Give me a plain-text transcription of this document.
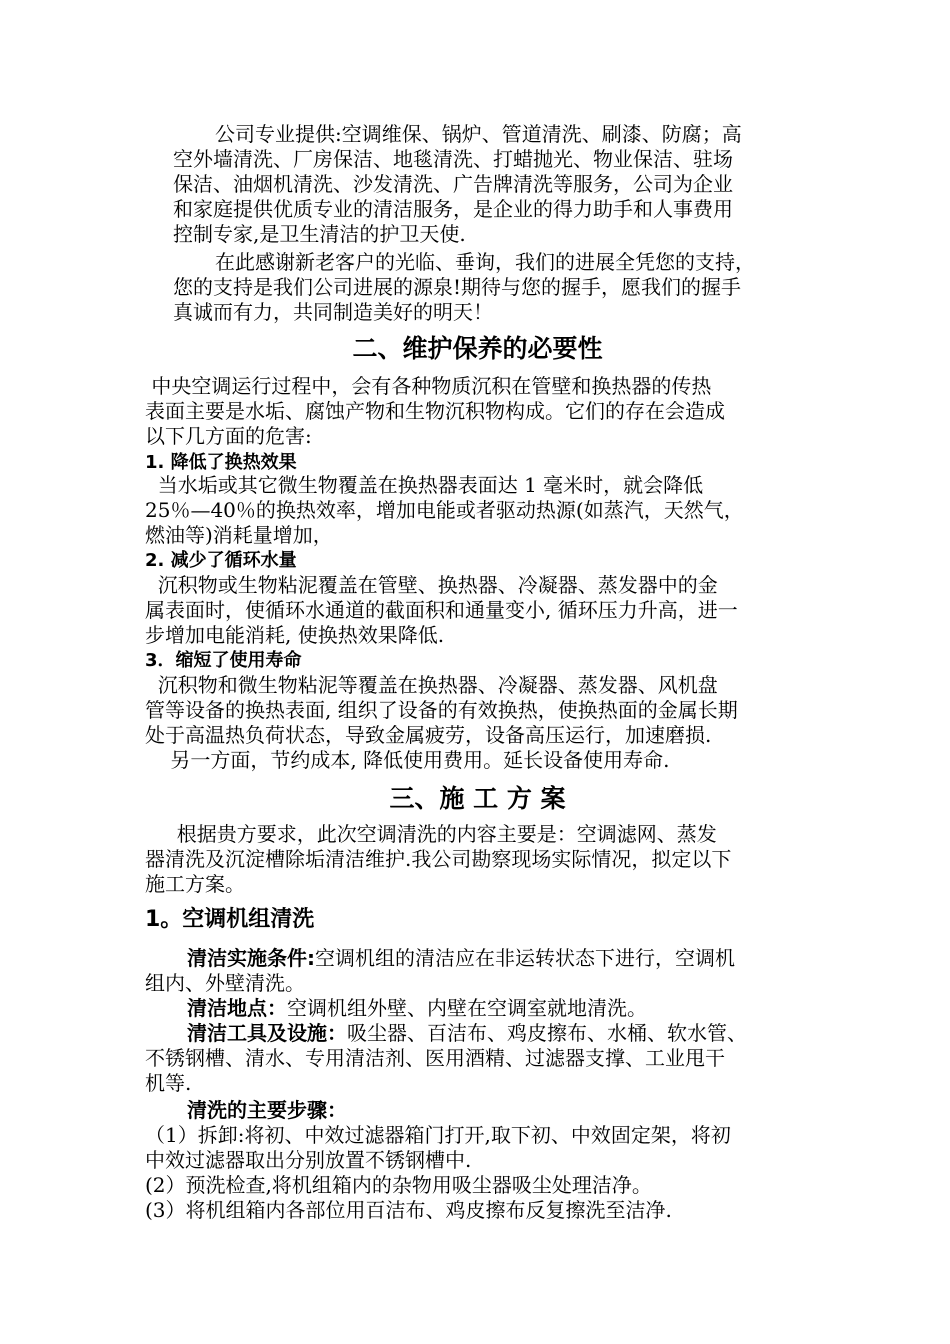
公司专业提供:空调维保、锅炉、管道清洗、刷漆、防腐；高
空外墙清洗、厂房保洁、地毯清洗、打蜡抛光、物业保洁、驻场
保洁、油烟机清洗、沙发清洗、广告牌清洗等服务，公司为企业
和家庭提供优质专业的清洁服务，是企业的得力助手和人事费用
控制专家,是卫生清洁的护卫天使.
在此感谢新老客户的光临、垂询，我们的进展全凭您的支持，
您的支持是我们公司进展的源泉!期待与您的握手，愿我们的握手
真诚而有力，共同制造美好的明天！
二、维护保养的必要性
中央空调运行过程中，会有各种物质沉积在管壁和换热器的传热
表面主要是水垢、腐蚀产物和生物沉积物构成。它们的存在会造成
以下几方面的危害:
1. 降低了换热效果
当水垢或其它微生物覆盖在换热器表面达 1 毫米时，就会降低
25％—40％的换热效率，增加电能或者驱动热源(如蒸汽，天然气，
燃油等)消耗量增加，
2. 减少了循环水量
沉积物或生物粘泥覆盖在管壁、换热器、冷凝器、蒸发器中的金
属表面时，使循环水通道的截面积和通量变小, 循环压力升高，进一
步增加电能消耗, 使换热效果降低.
3．缩短了使用寿命
沉积物和微生物粘泥等覆盖在换热器、冷凝器、蒸发器、风机盘
管等设备的换热表面, 组织了设备的有效换热，使换热面的金属长期
处于高温热负荷状态，导致金属疲劳，设备高压运行，加速磨损.
另一方面，节约成本, 降低使用费用。延长设备使用寿命.
三、施 工 方 案
根据贵方要求，此次空调清洗的内容主要是：空调滤网、蒸发
器清洗及沉淀槽除垢清洁维护.我公司勘察现场实际情况，拟定以下
施工方案。
1。空调机组清洗
清洁实施条件:空调机组的清洁应在非运转状态下进行，空调机
组内、外壁清洗。
清洁地点：空调机组外壁、内壁在空调室就地清洗。
清洁工具及设施：吸尘器、百洁布、鸡皮擦布、水桶、软水管、
不锈钢槽、清水、专用清洁剂、医用酒精、过滤器支撑、工业甩干
机等.
清洗的主要步骤：
（1）拆卸:将初、中效过滤器箱门打开,取下初、中效固定架，将初
中效过滤器取出分别放置不锈钢槽中.
(2）预洗检查,将机组箱内的杂物用吸尘器吸尘处理洁净。
(3）将机组箱内各部位用百洁布、鸡皮擦布反复擦洗至洁净.
